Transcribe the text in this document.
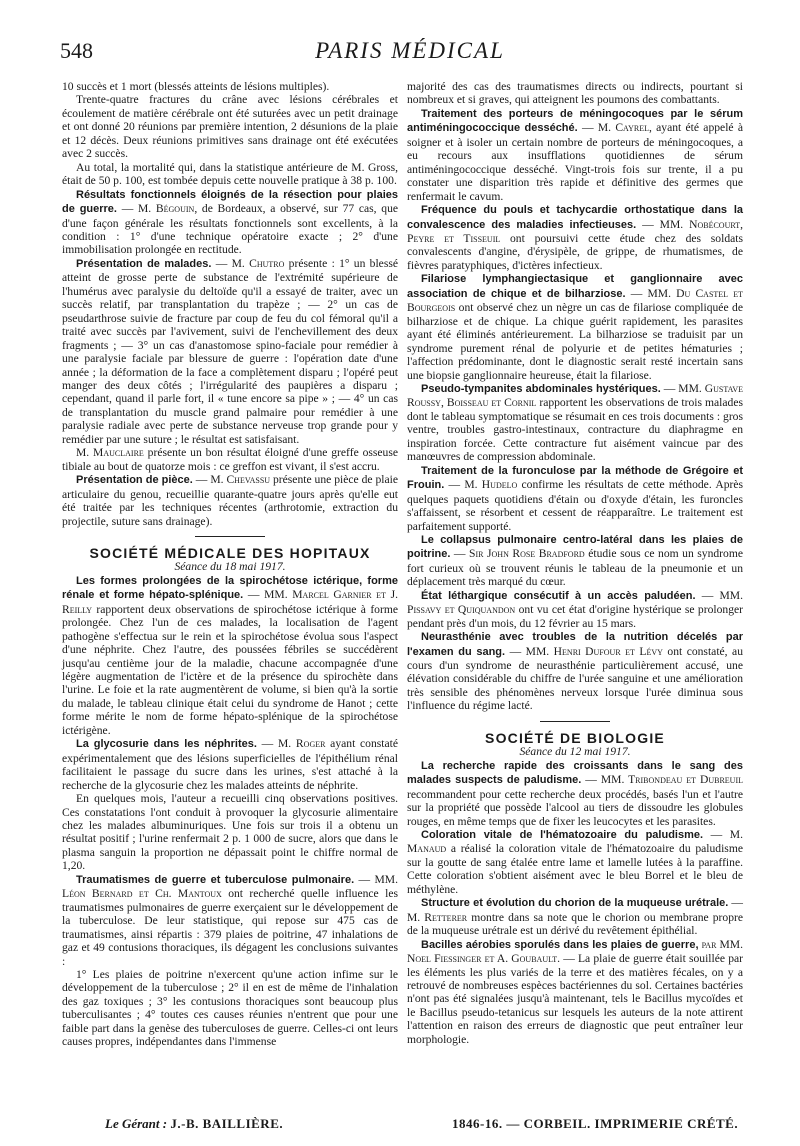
548	PARIS MÉDICAL

10 succès et 1 mort (blessés atteints de lésions multiples).

Trente-quatre fractures du crâne avec lésions cérébrales et écoulement de matière cérébrale ont été suturées avec un petit drainage et ont donné 20 réunions par première intention, 2 désunions de la plaie et 12 décès. Deux réunions primitives sans drainage ont été exécutées avec 2 succès.

Au total, la mortalité qui, dans la statistique antérieure de M. Gross, était de 50 p. 100, est tombée depuis cette nouvelle pratique à 38 p. 100.

Résultats fonctionnels éloignés de la résection pour plaies de guerre. — M. Bégouin, de Bordeaux, a observé, sur 77 cas, que d'une façon générale les résultats fonctionnels sont excellents, à la condition : 1° d'une technique opératoire exacte ; 2° d'une immobilisation prolongée en rectitude.

Présentation de malades. — M. Chutro présente : 1° un blessé atteint de grosse perte de substance de l'extrémité supérieure de l'humérus avec paralysie du deltoïde qu'il a essayé de traiter, avec un succès relatif, par transplantation du trapèze ; — 2° un cas de pseudarthrose suivie de fracture par coup de feu du col fémoral qu'il a traité avec succès par l'avivement, suivi de l'enchevillement des deux fragments ; — 3° un cas d'anastomose spino-faciale pour remédier à une paralysie faciale par blessure de guerre : l'opération date d'une année ; la déformation de la face a complètement disparu ; l'opéré peut manger des deux côtés ; l'irrégularité des paupières a disparu ; cependant, quand il parle fort, il « tune encore sa pipe » ; — 4° un cas de transplantation du muscle grand palmaire pour remédier à une paralysie radiale avec perte de substance nerveuse trop grande pour y remédier par une suture ; le résultat est satisfaisant.

M. Mauclaire présente un bon résultat éloigné d'une greffe osseuse tibiale au bout de quatorze mois : ce greffon est vivant, il s'est accru.

Présentation de pièce. — M. Chevassu présente une pièce de plaie articulaire du genou, recueillie quarante-quatre jours après qu'elle eut été traitée par les techniques récentes (arthrotomie, extraction du projectile, suture sans drainage).

SOCIÉTÉ MÉDICALE DES HOPITAUX

Séance du 18 mai 1917.

Les formes prolongées de la spirochétose ictérique, forme rénale et forme hépato-splénique. — MM. Marcel Garnier et J. Reilly rapportent deux observations de spirochétose ictérique à forme prolongée. Chez l'un de ces malades, la localisation de l'agent pathogène s'effectua sur le rein et la spirochétose évolua sous l'aspect d'une néphrite. Chez l'autre, des poussées fébriles se succédèrent jusqu'au centième jour de la maladie, chacune accompagnée d'une légère augmentation de l'ictère et de la présence du spirochète dans l'urine. Le foie et la rate augmentèrent de volume, si bien qu'à la sortie du malade, le tableau clinique était celui du syndrome de Hanot ; cette forme mérite le nom de forme hépato-splénique de la spirochétose ictérigène.

La glycosurie dans les néphrites. — M. Roger ayant constaté expérimentalement que des lésions superficielles de l'épithélium rénal facilitaient le passage du sucre dans les urines, s'est attaché à la recherche de la glycosurie chez les malades atteints de néphrite.

En quelques mois, l'auteur a recueilli cinq observations positives. Ces constatations l'ont conduit à provoquer la glycosurie alimentaire chez les malades albuminuriques. Une fois sur trois il a obtenu un résultat positif ; l'urine renfermait 2 p. 1 000 de sucre, alors que dans le plasma sanguin la proportion ne dépassait point le chiffre normal de 1,20.

Traumatismes de guerre et tuberculose pulmonaire. — MM. Léon Bernard et Ch. Mantoux ont recherché quelle influence les traumatismes pulmonaires de guerre exerçaient sur le développement de la tuberculose. De leur statistique, qui repose sur 475 cas de traumatismes, ainsi répartis : 379 plaies de poitrine, 47 inhalations de gaz et 49 contusions thoraciques, ils dégagent les conclusions suivantes :

1° Les plaies de poitrine n'exercent qu'une action infime sur le développement de la tuberculose ; 2° il en est de même de l'inhalation des gaz toxiques ; 3° les contusions thoraciques sont beaucoup plus tuberculisantes ; 4° toutes ces causes réunies n'entrent que pour une faible part dans la genèse des tuberculoses de guerre. Celles-ci ont leurs causes propres, indépendantes dans l'immense

majorité des cas des traumatismes directs ou indirects, pourtant si nombreux et si graves, qui atteignent les poumons des combattants.

Traitement des porteurs de méningocoques par le sérum antiméningococcique desséché. — M. Cayrel, ayant été appelé à soigner et à isoler un certain nombre de porteurs de méningocoques, a eu recours aux insufflations quotidiennes de sérum antiméningococcique desséché. Vingt-trois fois sur trente, il a pu constater une disparition très rapide et définitive des germes que renfermait le cavum.

Fréquence du pouls et tachycardie orthostatique dans la convalescence des maladies infectieuses. — MM. Nobécourt, Peyre et Tisseuil ont poursuivi cette étude chez des soldats convalescents d'angine, d'érysipèle, de grippe, de rhumatismes, de fièvres paratyphiques, d'ictères infectieux.

Filariose lymphangiectasique et ganglionnaire avec association de chique et de bilharziose. — MM. Du Castel et Bourgeois ont observé chez un nègre un cas de filariose compliquée de bilharziose et de chique. La chique guérit rapidement, les parasites ayant été éliminés antérieurement. La bilharziose se traduisit par un syndrome purement rénal de polyurie et de petites hématuries ; l'affection prédominante, dont le diagnostic serait resté incertain sans une biopsie ganglionnaire heureuse, était la filariose.

Pseudo-tympanites abdominales hystériques. — MM. Gustave Roussy, Boisseau et Cornil rapportent les observations de trois malades dont le tableau symptomatique se résumait en ces trois documents : gros ventre, troubles gastro-intestinaux, contracture du diaphragme en inspiration forcée. Cette contracture fut aisément vaincue par des manœuvres de compression abdominale.

Traitement de la furonculose par la méthode de Grégoire et Frouin. — M. Hudelo confirme les résultats de cette méthode. Après quelques paquets quotidiens d'étain ou d'oxyde d'étain, les furoncles s'affaissent, se résorbent et cessent de réapparaître. Le traitement est parfaitement supporté.

Le collapsus pulmonaire centro-latéral dans les plaies de poitrine. — Sir John Rose Bradford étudie sous ce nom un syndrome fort curieux où se trouvent réunis le tableau de la pneumonie et un déplacement très marqué du cœur.

État léthargique consécutif à un accès paludéen. — MM. Pissavy et Quiquandon ont vu cet état d'origine hystérique se prolonger pendant près d'un mois, du 12 février au 15 mars.

Neurasthénie avec troubles de la nutrition décelés par l'examen du sang. — MM. Henri Dufour et Lévy ont constaté, au cours d'un syndrome de neurasthénie particulièrement accusé, une élévation considérable du chiffre de l'urée sanguine et une amélioration très sensible des phénomènes nerveux lorsque l'urée diminua sous l'influence du régime lacté.

SOCIÉTÉ DE BIOLOGIE

Séance du 12 mai 1917.

La recherche rapide des croissants dans le sang des malades suspects de paludisme. — MM. Tribondeau et Dubreuil recommandent pour cette recherche deux procédés, basés l'un et l'autre sur la propriété que possède l'alcool au tiers de dissoudre les globules rouges, en même temps que de fixer les leucocytes et les parasites.

Coloration vitale de l'hématozoaire du paludisme. — M. Manaud a réalisé la coloration vitale de l'hématozoaire du paludisme sur la goutte de sang étalée entre lame et lamelle lutées à la paraffine. Cette coloration s'obtient aisément avec le bleu Borrel et le bleu de méthylène.

Structure et évolution du chorion de la muqueuse urétrale. — M. Retterer montre dans sa note que le chorion ou membrane propre de la muqueuse urétrale est un dérivé du revêtement épithélial.

Bacilles aérobies sporulés dans les plaies de guerre, par MM. Noel Fiessinger et A. Goubault. — La plaie de guerre était souillée par les éléments les plus variés de la terre et des matières fécales, on y a retrouvé de nombreuses espèces bactériennes du sol. Certaines bactéries n'ont pas été signalées jusqu'à maintenant, tels le Bacillus mycoïdes et le Bacillus pseudo-tetanicus sur lesquels les auteurs de la note attirent l'attention en raison des erreurs de diagnostic que peut entraîner leur morphologie.

Le Gérant : J.-B. BAILLIÈRE.	1846-16. — CORBEIL. IMPRIMERIE CRÉTÉ.
